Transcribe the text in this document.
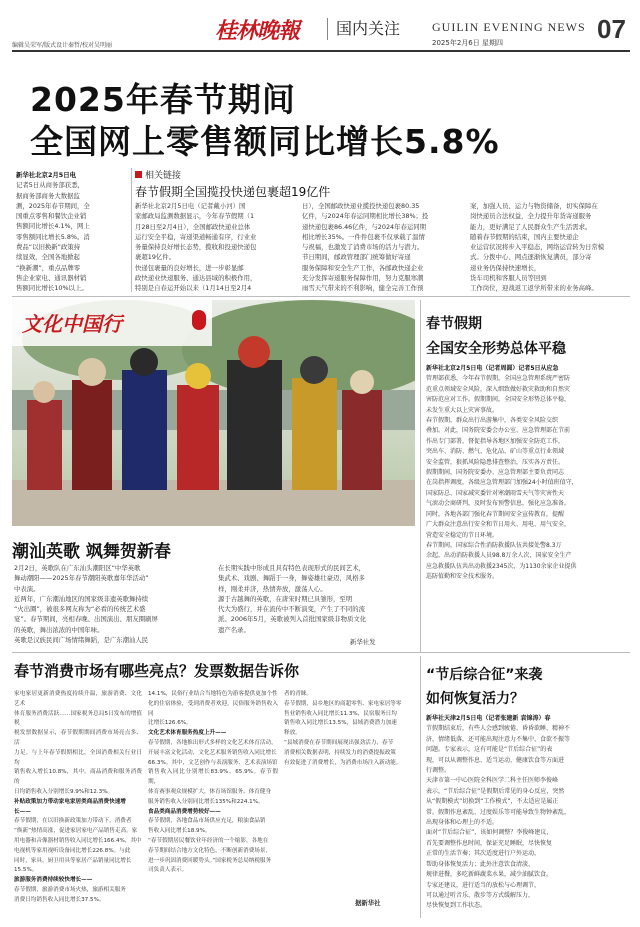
编辑吴荣军/版式设计秦哲/校对吴明丽
桂林晚報 国内关注	GUILIN EVENING NEWS
2025年2月6日 星期四	07
2025年春节期间
全国网上零售额同比增长5.8%
新华社北京2月5日电
记者5日从商务部获悉，
据商务部商务大数据监
测，2025年春节期间，全
国重点零售和餐饮企业销
售额同比增长4.1%，网上
零售额同比增长5.8%。消
费品“以旧换新”政策持
续显效，全国各地掀起
“换新潮”，重点品牌零
售企业家电、通讯器材销
售额同比增长10%以上。
相关链接
春节假期全国揽投快递包裹超19亿件
新华社北京2月5日电（记者戴小河）国
家邮政局监测数据显示，今年春节假期（1
月28日至2月4日），全国邮政快递业总体
运行安全平稳，寄递渠道畅通有序，行业业
务量保持良好增长态势，揽收和投递快递包
裹超19亿件。
快递包裹量的良好增长，进一步彰显邮
政快递业快递服务、通达县域的积极作用，
特别是自春运开始以来（1月14日至2月4
日），全国邮政快递业揽投快递包裹80.35
亿件，与2024年春运同期相比增长38%；投
递快递包裹86.46亿件，与2024年春运同期
相比增长35%。一件件包裹不仅承载了温情
与祝福，也激发了消费市场的活力与潜力。
节日期间，邮政管理部门统筹做好寄递
服务保障和安全生产工作，各邮政快递企业
充分发挥寄递服务保障作用，努力克服寒潮
雨雪天气带来的不利影响，健全完善工作预
案，加强人员、运力与物资储备，切实保障在
岗快递员合法权益，全力提升年货寄递服务
能力，更好满足了人民群众生产生活需求。
随着春节假期的结束，国内主要快递企
业运营状况将步入平稳态，网络运营转为日常模
式。分拨中心、网点逐渐恢复满员，部分寄
递业务仍保持快速增长，
货车司机和客服人员等回到
工作岗位，迎战返工返学所带来的业务高峰。
文化中国行
潮汕英歌 飒舞贺新春
2月2日，英歌队在广东汕头潮阳区“中华英歌
舞动潮阳——2025年春节潮阳英歌嘉年华活动”
中表演。
近两年，广东潮汕地区的国家级非遗英歌舞持续
“火出圈”，被很多网友称为“必看的传统艺术盛
宴”。春节期间，亮相春晚、出国演出、朋友圈刷屏
的英歌，舞出浓浓的中国年味。
英歌是汉族民间广场情绪舞蹈，是广东潮汕人民
在长期实践中形成且具有特色表现形式的民间艺术，
集武术、戏剧、舞蹈于一身，舞姿雄壮豪迈，风格多
样，刚柔并济，热情奔放，激荡人心。
源于古越舞的英歌，在唐宋时期已具雏形，至明
代大为盛行，并在流传中不断演变，产生了不同的流
派。2006年5月，英歌被列入首批国家级非物质文化
遗产名录。
新华社发
春节假期
全国安全形势总体平稳
新华社北京2月5日电（记者周圆）记者5日从应急
管理部获悉，今年春节假期，全国应急管理系统严密防
范重点领域安全风险，深入细致做好救灾救助和自然灾
害防范应对工作。假期期间，全国安全形势总体平稳，
未发生重大以上灾害事故。
春节假期，群众出行出游集中，各类安全风险交织
叠加。对此，国务院安委会办公室、应急管理部在节前
作出专门部署，督促指导各地区加强安全防范工作，
突出车、消防、燃气、危化品、矿山等重点行业领域
安全监管，狠抓风险隐患排查整治，压实各方责任。
假期期间，国务院安委办、应急管理部主要负责同志
在岗指挥调度，各级应急管理部门加强24小时值班值守，
国家防总、国家减灾委针对寒潮雨雪天气等灾害性天
气滚动会商研判，及时发布预警信息，强化应急准备。
同时，各地各部门强化春节期间安全宣传教育，提醒
广大群众注意出行安全和节日用火、用电、用气安全，
营造安全稳定的节日环境。
春节期间，国家综合性消防救援队伍共接处警8.3万
余起，出动消防救援人员98.8万余人次，国家安全生产
应急救援队伍共出动救援2345次，为1130余家企业提供
巡防值勤和安全技术服务。
“节后综合征”来袭
如何恢复活力？
新华社天津2月5日电（记者张建新 袁锦涛）春
节假期结束后，有些人会感到疲倦、昏昏欲睡、精神不
济，情绪低落，还可能出现注意力不集中、食欲不振等
问题。专家表示，这有可能是“节后综合征”的表
现，可以从调整作息、适当运动、健康饮食等方面进
行调整。
天津市第一中心医院全科医学二科主任医师李俊峰
表示，“节后综合征”是假期后常见的身心反应，突然
从“假期模式”切换到“工作模式”，不太适应是属正
常。假期作息紊乱、过度娱乐等可能导致生物钟紊乱，
出现身体和心理上的不适。
面对“节后综合征”，该如何调整？李俊峰建议，
首先要调整作息时间，保证充足睡眠，尽快恢复
正常的生活节奏；其次适度进行户外运动，
帮助身体恢复活力；此外注意饮食清淡、
规律进餐，多吃新鲜蔬菜水果，减少油腻饮食。
专家还建议，进行适当的放松与心理调节，
可以通过听音乐、散步等方式缓解压力，
尽快恢复到工作状态。
春节消费市场有哪些亮点？发票数据告诉你
家电家居更新消费热度持续升温，旅游消费、文化艺术
体育服务消费活跃……国家税务总局5日发布的增值税
税发票数据显示，春节假期期间消费市场亮点多、活
力足。与上年春节假期相比，全国消费相关行业日均
销售收入增长10.8%，其中，商品消费和服务消费的
日均销售收入分别增长9.9%和12.3%。
补贴政策加力带动家电家居类商品消费快速增
长——
春节假期，在以旧换新政策加力带动下，消费者
“焕新”热情高涨，促进家居家电产品销售走高。家
用电器和音像器材销售收入同比增长166.4%，其中
电视机等家用视听设备同比增长226.8%。与此
同时，家具、厨卫用具等家居产品销量同比增长
15.5%。
旅游服务消费持续较快增长——
春节假期，旅游消费市场火热，旅游相关服务
消费日均销售收入同比增长37.5%。
14.1%，民俗行业结合当地特色为游客提供更加个性
化的住宿体验，受到消费者欢迎，民俗服务销售收入同
比增长126.6%。
文化艺术体育服务热度上升——
春节假期，各地推出形式多样的文化艺术体育活动，
开展丰富文化活动，文化艺术服务销售收入同比增长
66.3%。其中，文艺创作与表演服务、艺术表演场馆
销售收入同比分别增长83.9%、65.9%。春节假期，
体育赛事观众规模扩大，体育场馆服务、体育健身
服务销售收入分别同比增长135%和224.1%。
食品类商品消费增势较好——
春节假期，各地食品市场供应充足，粮油食品销
售收入同比增长18.9%。
“春节假期居民餐饮业年经济的一个缩影，各地在
春节期间结合地方文化特色，不断创新消费场景，
进一步巩固消费回暖势头。”国家税务总局纳税服务
司负责人表示。
者的青睐。
春节假期，县乡地区的商超零售、家电家居等零
售业销售收入同比增长11.3%，民宿服务日均
销售收入同比增长13.5%，县域消费潜力加速
释放。
“县域消费在春节期间展现出强劲活力，春节
消费相关数据表明，持续发力的消费提振政策
有效促进了消费增长，为消费市场注入新动能。
据新华社
